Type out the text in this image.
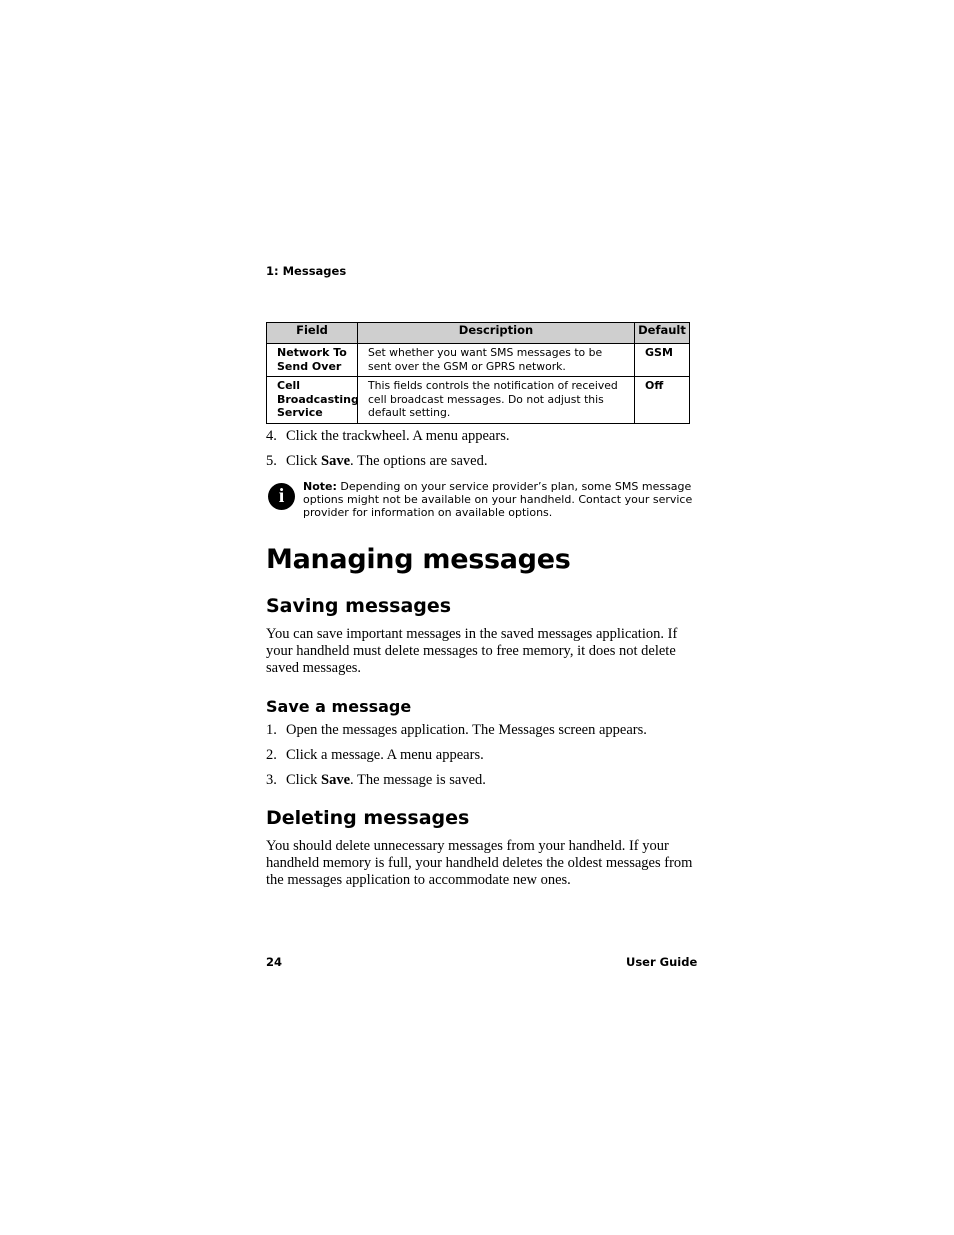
1: Messages
Field	Description	Default
Network To Send Over	Set whether you want SMS messages to be sent over the GSM or GPRS network.	GSM
Cell Broadcasting Service	This fields controls the notification of received cell broadcast messages. Do not adjust this default setting.	Off
4. Click the trackwheel. A menu appears.
5. Click Save. The options are saved.
i	Note: Depending on your service provider’s plan, some SMS message options might not be available on your handheld. Contact your service provider for information on available options.
Managing messages
Saving messages
You can save important messages in the saved messages application. If your handheld must delete messages to free memory, it does not delete saved messages.
Save a message
1. Open the messages application. The Messages screen appears.
2. Click a message. A menu appears.
3. Click Save. The message is saved.
Deleting messages
You should delete unnecessary messages from your handheld. If your handheld memory is full, your handheld deletes the oldest messages from the messages application to accommodate new ones.
24	User Guide
